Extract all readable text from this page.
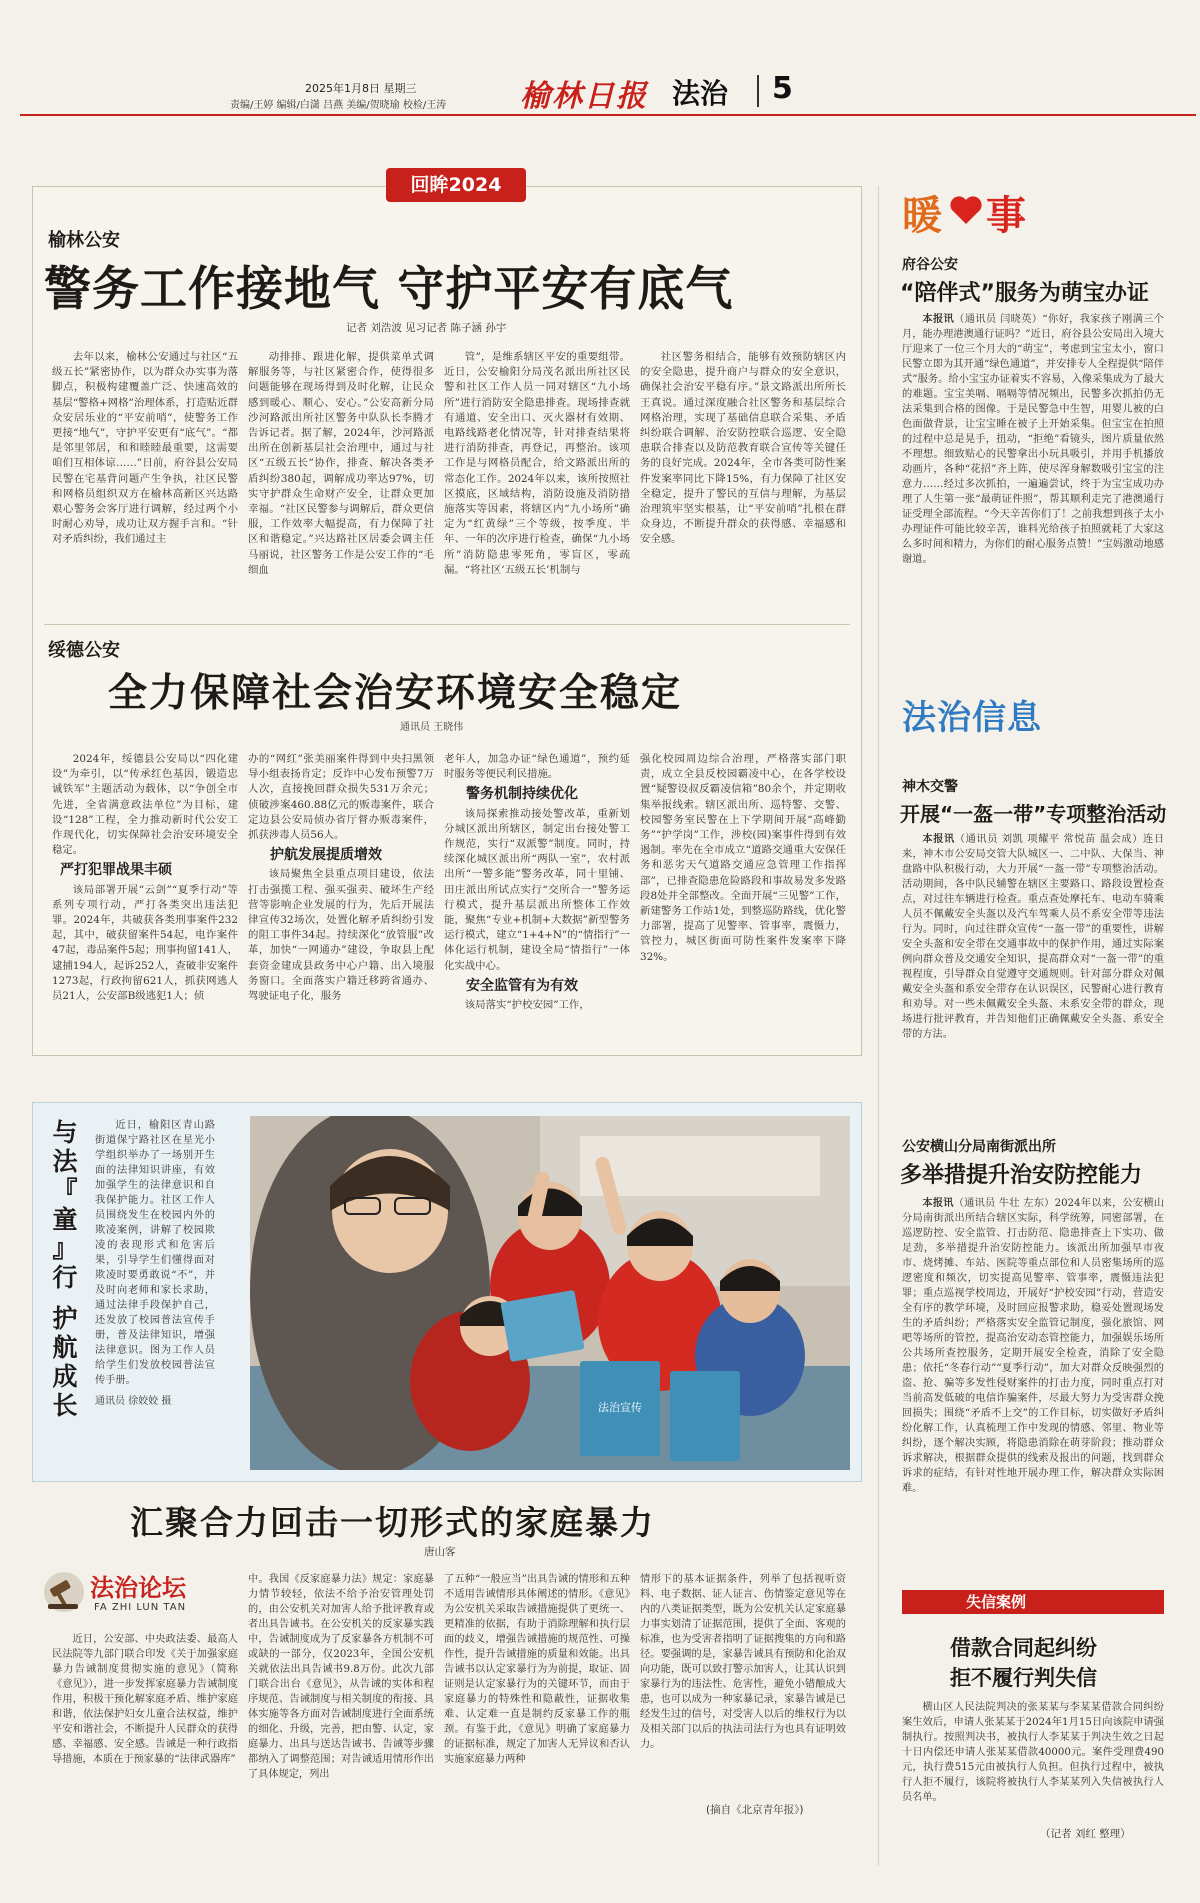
2025年1月8日 星期三
责编/王婷 编辑/白潇 吕燕 美编/贺晓瑜 校检/王涛	榆林日报 法治 5
回眸2024
榆林公安
警务工作接地气 守护平安有底气
记者 刘浩波 见习记者 陈子涵 孙宇

去年以来，榆林公安通过与社区“五级五长”紧密协作，以为群众办实事为落脚点，积极构建覆盖广泛、快速高效的基层“警格+网格”治理体系，打造贴近群众安居乐业的“平安前哨”，使警务工作更接“地气”，守护平安更有“底气”。“都是邻里邻居，和和睦睦最重要，这需要咱们互相体谅……”日前，府谷县公安局民警在宅基背问题产生争执，社区民警和网格员组织双方在榆林高新区兴达路艰心警务会客厅进行调解，经过两个小时耐心劝导，成功让双方握手言和。“针对矛盾纠纷，我们通过主

动排排、跟进化解，提供菜单式调解服务等，与社区紧密合作，使得很多问题能够在现场得到及时化解，让民众感到暖心、顺心、安心。”公安高新分局沙河路派出所社区警务中队队长李腾才告诉记者。据了解，2024年，沙河路派出所在创新基层社会治理中，通过与社区“五级五长”协作，排查、解决各类矛盾纠纷380起，调解成功率达97%，切实守护群众生命财产安全，让群众更加幸福。“社区民警参与调解后，群众更信服，工作效率大幅提高，有力保障了社区和谐稳定。”兴达路社区居委会调主任马丽说，社区警务工作是公安工作的“毛细血

管”，是维系辖区平安的重要组带。近日，公安榆阳分局茂名派出所社区民警和社区工作人员一同对辖区“九小场所”进行消防安全隐患排查。现场排查就有通道、安全出口、灭火器材有效期、电路线路老化情况等，针对排查结果将进行消防排查，再登记，再整治。该项工作是与网格员配合，给文路派出所的常态化工作。2024年以来，该所按照社区摸底，区域结构，消防设施及消防措施落实等因素，将辖区内“九小场所”确定为“红黄绿”三个等级，按季度、半年、一年的次序进行检查，确保“九小场所”消防隐患零死角，零盲区，零疏漏。“将社区‘五级五长’机制与

社区警务相结合，能够有效预防辖区内的安全隐患，提升商户与群众的安全意识，确保社会治安平稳有序。”景文路派出所所长王真说。通过深度融合社区警务和基层综合网格治理，实现了基础信息联合采集、矛盾纠纷联合调解、治安防控联合巡逻、安全隐患联合排查以及防范教育联合宣传等关键任务的良好完成。2024年，全市各类可防性案件发案率同比下降15%，有力保障了社区安全稳定，提升了警民的互信与理解，为基层治理筑牢坚实根基，让“平安前哨”扎根在群众身边，不断提升群众的获得感、幸福感和安全感。

绥德公安
全力保障社会治安环境安全稳定
通讯员 王晓伟

2024年，绥德县公安局以“四化建设”为牵引，以“传承红色基因，锻造忠诚铁军”主题活动为载体，以“争创全市先进，全省满意政法单位”为目标，建设“128”工程，全力推动新时代公安工作现代化，切实保障社会治安环境安全稳定。

严打犯罪战果丰硕

该局部署开展“云剑”“夏季行动”等系列专项行动，严打各类突出违法犯罪。2024年，共破获各类刑事案件232起，其中，破获留案件54起，电诈案件47起，毒品案件5起；刑事拘留141人，逮捕194人，起诉252人，查破非安案件1273起，行政拘留621人，抓获网逃人员21人，公安部B级逃犯1人；侦

办的“网红”张美丽案件得到中央扫黑领导小组表扬肯定；反诈中心发布预警7万人次，直接挽回群众损失531万余元；侦破涉案460.88亿元的贩毒案件，联合定边县公安局侦办省厅督办贩毒案件，抓获涉毒人员56人。

护航发展提质增效

该局聚焦全县重点项目建设，依法打击强揽工程、强买强卖、破坏生产经营等影响企业发展的行为，先后开展法律宣传32场次，处置化解矛盾纠纷引发的阻工事件34起。持续深化“放管服”改革，加快“一网通办”建设，争取县上配套资金建成县政务中心户籍、出入境服务窗口。全面落实户籍迁移跨省通办、驾驶证电子化，服务

老年人，加急办证“绿色通道”，预约延时服务等便民利民措施。

警务机制持续优化

该局探索推动接处警改革，重新划分城区派出所辖区，制定出台接处警工作规范，实行“双派警”制度。同时，持续深化城区派出所“两队一室”，农村派出所“一警多能”警务改革，同十里铺、田庄派出所试点实行“交所合一”警务运行模式，提升基层派出所整体工作效能，聚焦“专业+机制+大数据”新型警务运行模式，建立“1+4+N”的“情指行”一体化运行机制，建设全局“情指行”一体化实战中心。

安全监管有为有效

该局落实“护校安园”工作，

强化校园周边综合治理，严格落实部门职责，成立全县反校园霸凌中心，在各学校设置“疑警设叔反霸凌信箱”80余个，并定期收集举报线索。辖区派出所、巡特警、交警、校园警务室民警在上下学期间开展“高峰勤务”“护学岗”工作，涉校(园)案事件得到有效遏制。率先在全市成立“道路交通重大安保任务和恶劣天气道路交通应急管理工作指挥部”，已排查隐患危险路段和事故易发多发路段8处并全部整改。全面开展“三见警”工作，新建警务工作站1处，到整巡防路线，优化警力部署，提高了见警率、管事率，震慑力，管控力，城区街面可防性案件发案率下降32%。

与
法
『
童
』
行

护
航
成
长

近日，榆阳区青山路街道保宁路社区在星光小学组织举办了一场别开生面的法律知识讲座，有效加强学生的法律意识和自我保护能力。社区工作人员围绕发生在校园内外的欺凌案例，讲解了校园欺凌的表现形式和危害后果，引导学生们懂得面对欺凌时要勇敢说“不”，并及时向老师和家长求助，通过法律手段保护自己，还发放了校园普法宣传手册，普及法律知识，增强法律意识。图为工作人员给学生们发放校园普法宣传手册。

通讯员 徐姣姣 摄	法治宣传
汇聚合力回击一切形式的家庭暴力
唐山客
法治论坛
FA ZHI LUN TAN

近日，公安部、中央政法委、最高人民法院等九部门联合印发《关于加强家庭暴力告诫制度贯彻实施的意见》（简称《意见》），进一步发挥家庭暴力告诫制度作用，积极干预化解家庭矛盾、维护家庭和谐，依法保护妇女儿童合法权益，维护平安和谐社会，不断提升人民群众的获得感、幸福感、安全感。告诫是一种行政指导措施，本质在于预家暴的“法律武器库”

中。我国《反家庭暴力法》规定：家庭暴力情节较轻，依法不给予治安管理处罚的，由公安机关对加害人给予批评教育或者出具告诫书。在公安机关的反家暴实践中，告诫制度成为了反家暴各方机制不可或缺的一部分，仅2023年，全国公安机关就依法出具告诫书9.8万份。此次九部门联合出台《意见》，从告诫的实体和程序规范、告诫制度与相关制度的衔接、具体实施等各方面对告诫制度进行全面系统的细化、升级，完善，把由警、认定，家庭暴力、出具与送达告诫书、告诫等步骤都纳入了调整范围；对告诫适用情形作出了具体规定，列出

了五种“一般应当”出具告诫的情形和五种不适用告诫情形具体阐述的情形。《意见》为公安机关采取告诫措施提供了更统一、更精准的依据，有助于消除理解和执行层面的歧义，增强告诫措施的规范性、可操作性，提升告诫措施的质量和效能。出具告诫书以认定家暴行为为前提，取证、固证则是认定家暴行为的关键环节，而由于家庭暴力的特殊性和隐蔽性，证据收集难、认定难一直是制约反家暴工作的瓶颈。有鉴于此，《意见》明确了家庭暴力的证据标准，规定了加害人无异议和否认实施家庭暴力两种

情形下的基本证据条件，列举了包括视听资料、电子数据、证人证言、伤情鉴定意见等在内的八类证据类型，既为公安机关认定家庭暴力事实划清了证据范围，提供了全面、客观的标准，也为受害者指明了证据搜集的方向和路径。要强调的是，家暴告诫具有预防和化治双向功能，既可以致打警示加害人，让其认识到家暴行为的违法性、危害性，避免小错酿成大患，也可以成为一种家暴记录，家暴告诫是已经发生过的信号，对受害人以后的维权行为以及相关部门以后的执法司法行为也具有证明效力。

(摘自《北京青年报》)
暖 事
府谷公安
“陪伴式”服务为萌宝办证

本报讯（通讯员 闫晓英）“你好，我家孩子刚满三个月，能办理港澳通行证吗？”近日，府谷县公安局出入境大厅迎来了一位三个月大的“萌宝”，考虑到宝宝太小，窗口民警立即为其开通“绿色通道”，并安排专人全程提供“陪伴式”服务。给小宝宝办证着实不容易，入像采集成为了最大的难题。宝宝美嗝、嗝嗝等情况频出，民警多次抓拍仍无法采集到合格的图像。于是民警急中生智，用婴儿被的白色面做背景，让宝宝睡在被子上开始采集。但宝宝在拍照的过程中总是晃手，扭动，“拒绝”看镜头，图片质量依然不理想。细致贴心的民警拿出小玩具吸引，并用手机播放动画片，各种“花招”齐上阵，使尽浑身解数吸引宝宝的注意力……经过多次抓拍，一遍遍尝试，终于为宝宝成功办理了人生第一张“最萌证件照”，帮其顺利走完了港澳通行证受理全部流程。“今天辛苦你们了！之前我想到孩子太小办理证件可能比较辛苦，谁料光给孩子拍照就耗了大家这么多时间和精力，为你们的耐心服务点赞！”宝妈激动地感谢道。

法治信息
神木交警
开展“一盔一带”专项整治活动

本报讯（通讯员 刘凯 项耀平 常悦苗 温会成）连日来，神木市公安局交管大队城区一、二中队、大保当、神盘路中队积极行动，大力开展“一盔一带”专项整治活动。活动期间，各中队民辅警在辖区主要路口、路段设置检查点，对过往车辆进行检查。重点查处摩托车、电动车骑乘人员不佩戴安全头盔以及汽车驾乘人员不系安全带等违法行为。同时，向过往群众宣传“一盔一带”的重要性，讲解安全头盔和安全带在交通事故中的保护作用，通过实际案例向群众普及交通安全知识，提高群众对“一盔一带”的重视程度，引导群众自觉遵守交通规则。针对部分群众对佩戴安全头盔和系安全带存在认识误区，民警耐心进行教育和劝导。对一些未佩戴安全头盔、未系安全带的群众，现场进行批评教育，并告知他们正确佩戴安全头盔、系安全带的方法。

公安横山分局南街派出所
多举措提升治安防控能力

本报讯（通讯员 牛壮 左东）2024年以来，公安横山分局南街派出所结合辖区实际，科学统筹，同密部署，在巡逻防控、安全监管、打击防范、隐患排查上下实功、做足劲，多举措提升治安防控能力。该派出所加强早市夜市、烧烤摊、车站、医院等重点部位和人员密集场所的巡逻密度和频次，切实提高见警率、管事率，震慑违法犯罪；重点巡视学校周边，开展好“护校安园”行动，营造安全有序的教学环境，及时回应报警求助，稳妥处置现场发生的矛盾纠纷；严格落实安全监管记制度，强化旅馆、网吧等场所的管控，提高治安动态管控能力，加强娱乐场所公共场所查控服务，定期开展安全检查，消除了安全隐患；依托“冬春行动”“夏季行动”，加大对群众反映强烈的盗、抢、骗等多发性侵财案件的打击力度，同时重点打对当前高发低破的电信诈骗案件，尽最大努力为受害群众挽回损失；围绕“矛盾不上交”的工作目标，切实做好矛盾纠纷化解工作，认真梳理工作中发现的情感、邻里、物业等纠纷，逐个解决实顾，将隐患消除在萌芽阶段；推动群众诉求解决，根据群众提供的线索及报出的问题，找到群众诉求的症结，有针对性地开展办理工作，解决群众实际困难。

失信案例
借款合同起纠纷
拒不履行判失信

横山区人民法院判决的张某某与李某某借款合同纠纷案生效后，申请人张某某于2024年1月15日向该院申请强制执行。按照判决书，被执行人李某某于判决生效之日起十日内偿还申请人张某某借款40000元。案件受理费490元，执行费515元由被执行人负担。但执行过程中，被执行人拒不履行，该院将被执行人李某某列入失信被执行人员名单。

（记者 刘红 整理）
